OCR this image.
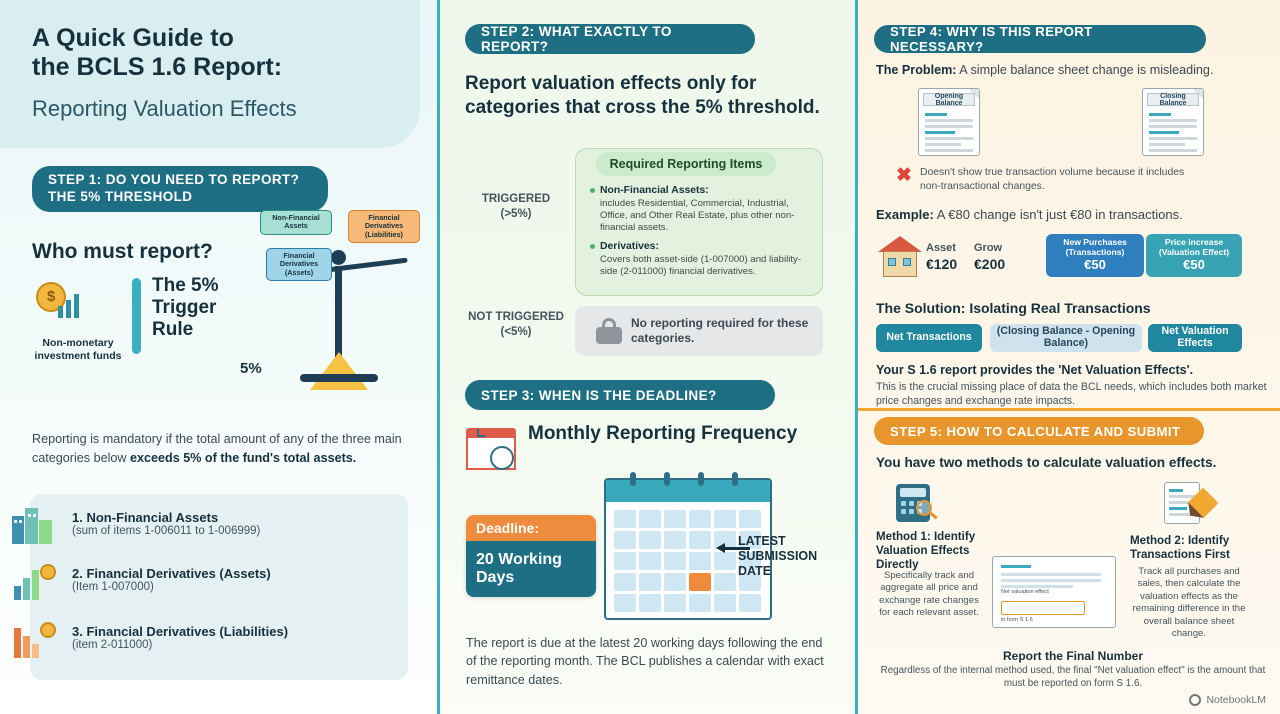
A Quick Guide to
the BCLS 1.6 Report:
Reporting Valuation Effects
STEP 1: DO YOU NEED TO REPORT?
THE 5% THRESHOLD
Who must report?
The 5% Trigger Rule
5%
Non-Financial Assets
Financial Derivatives (Assets)
Financial Derivatives (Liabilities)
$
Non-monetary investment funds
Reporting is mandatory if the total amount of any of the three main categories below exceeds 5% of the fund's total assets.
1. Non-Financial Assets
(sum of items 1-006011 to 1-006999)
2. Financial Derivatives (Assets)
(Item 1-007000)
3. Financial Derivatives (Liabilities)
(item 2-011000)
STEP 2: WHAT EXACTLY TO REPORT?
Report valuation effects only for categories that cross the 5% threshold.
Required Reporting Items
Non-Financial Assets:
includes Residential, Commercial, Industrial, Office, and Other Real Estate, plus other non-financial assets.
Derivatives:
Covers both asset-side (1-007000) and liability-side (2-011000) financial derivatives.
TRIGGERED (>5%)
NOT TRIGGERED (<5%)
No reporting required for these categories.
STEP 3: WHEN IS THE DEADLINE?
Monthly Reporting Frequency
Deadline:
20 Working Days
LATEST SUBMISSION DATE
The report is due at the latest 20 working days following the end of the reporting month. The BCL publishes a calendar with exact remittance dates.
STEP 4: WHY IS THIS REPORT NECESSARY?
The Problem: A simple balance sheet change is misleading.
Opening Balance
Closing Balance
✖ Doesn't show true transaction volume because it includes non-transactional changes.
Example: A €80 change isn't just €80 in transactions.
Asset
€120
Grow
€200
New Purchases (Transactions)
€50
Price increase (Valuation Effect)
€50
The Solution: Isolating Real Transactions
Net Transactions	(Closing Balance - Opening Balance)
Net Valuation Effects
Your S 1.6 report provides the 'Net Valuation Effects'.
This is the crucial missing place of data the BCL needs, which includes both market price changes and exchange rate impacts.
STEP 5: HOW TO CALCULATE AND SUBMIT
You have two methods to calculate valuation effects.
Method 1: Identify Valuation Effects Directly
Specifically track and aggregate all price and exchange rate changes for each relevant asset.
Method 2: Identify Transactions First
Track all purchases and sales, then calculate the valuation effects as the remaining difference in the overall balance sheet change.
Net valuation effect
in form S 1.6
Report the Final Number
Regardless of the internal method used, the final "Net valuation effect" is the amount that must be reported on form S 1.6.
NotebookLM
